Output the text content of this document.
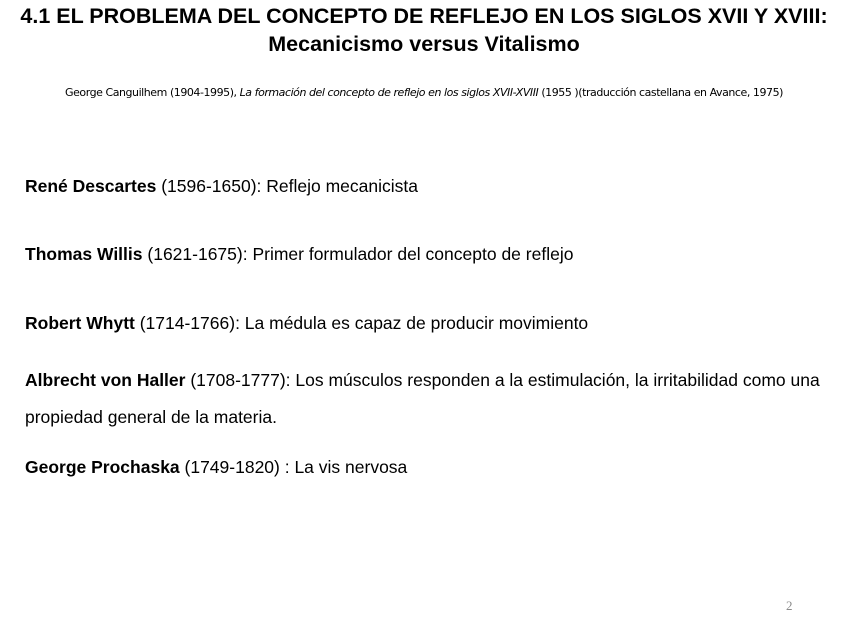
4.1 EL PROBLEMA DEL CONCEPTO DE REFLEJO EN LOS SIGLOS XVII Y XVIII: Mecanicismo versus Vitalismo
George Canguilhem (1904-1995), La formación del concepto de reflejo en los siglos XVII-XVIII (1955 )(traducción castellana en Avance, 1975)
René Descartes (1596-1650): Reflejo mecanicista
Thomas Willis (1621-1675): Primer formulador del concepto de reflejo
Robert Whytt (1714-1766): La médula es capaz de producir movimiento
Albrecht von Haller (1708-1777): Los músculos responden a la estimulación, la irritabilidad como una propiedad general de la materia.
George Prochaska (1749-1820) : La vis nervosa
2
